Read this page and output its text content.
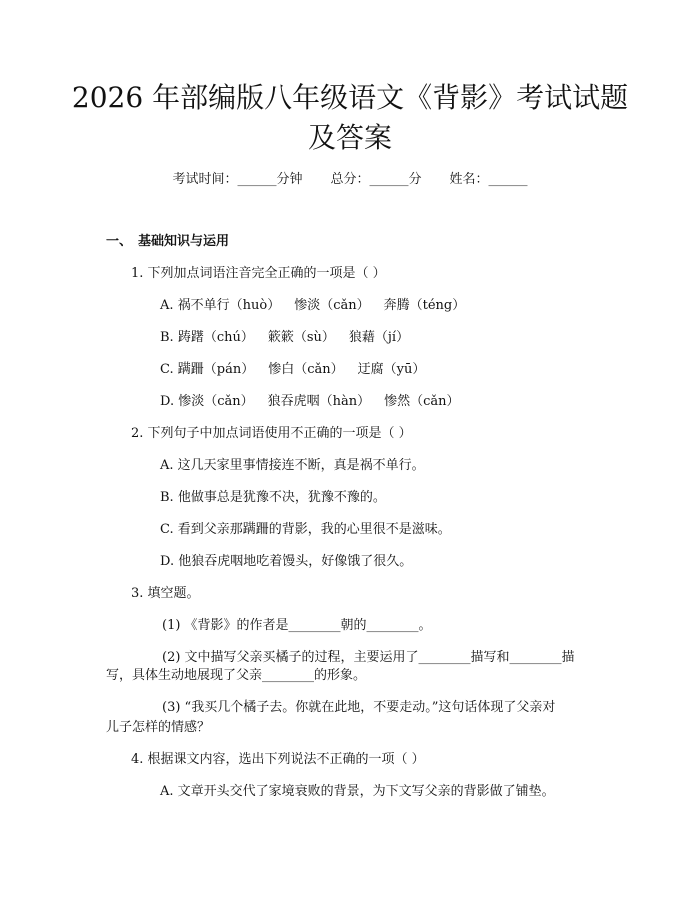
2026 年部编版八年级语文《背影》考试试题
及答案
考试时间：______分钟 总分：______分 姓名：______
一、 基础知识与运用
1. 下列加点词语注音完全正确的一项是（ ）
A. 祸不单行（huò） 惨淡（cǎn） 奔腾（téng）
B. 踌躇（chú） 簌簌（sù） 狼藉（jí）
C. 蹒跚（pán） 惨白（cǎn） 迂腐（yū）
D. 惨淡（cǎn） 狼吞虎咽（hàn） 惨然（cǎn）
2. 下列句子中加点词语使用不正确的一项是（ ）
A. 这几天家里事情接连不断，真是祸不单行。
B. 他做事总是犹豫不决，犹豫不豫的。
C. 看到父亲那蹒跚的背影，我的心里很不是滋味。
D. 他狼吞虎咽地吃着馒头，好像饿了很久。
3. 填空题。
(1) 《背影》的作者是________朝的________。
(2) 文中描写父亲买橘子的过程，主要运用了________描写和________描
写，具体生动地展现了父亲________的形象。
(3) “我买几个橘子去。你就在此地，不要走动。”这句话体现了父亲对
儿子怎样的情感？
4. 根据课文内容，选出下列说法不正确的一项（ ）
A. 文章开头交代了家境衰败的背景，为下文写父亲的背影做了铺垫。
